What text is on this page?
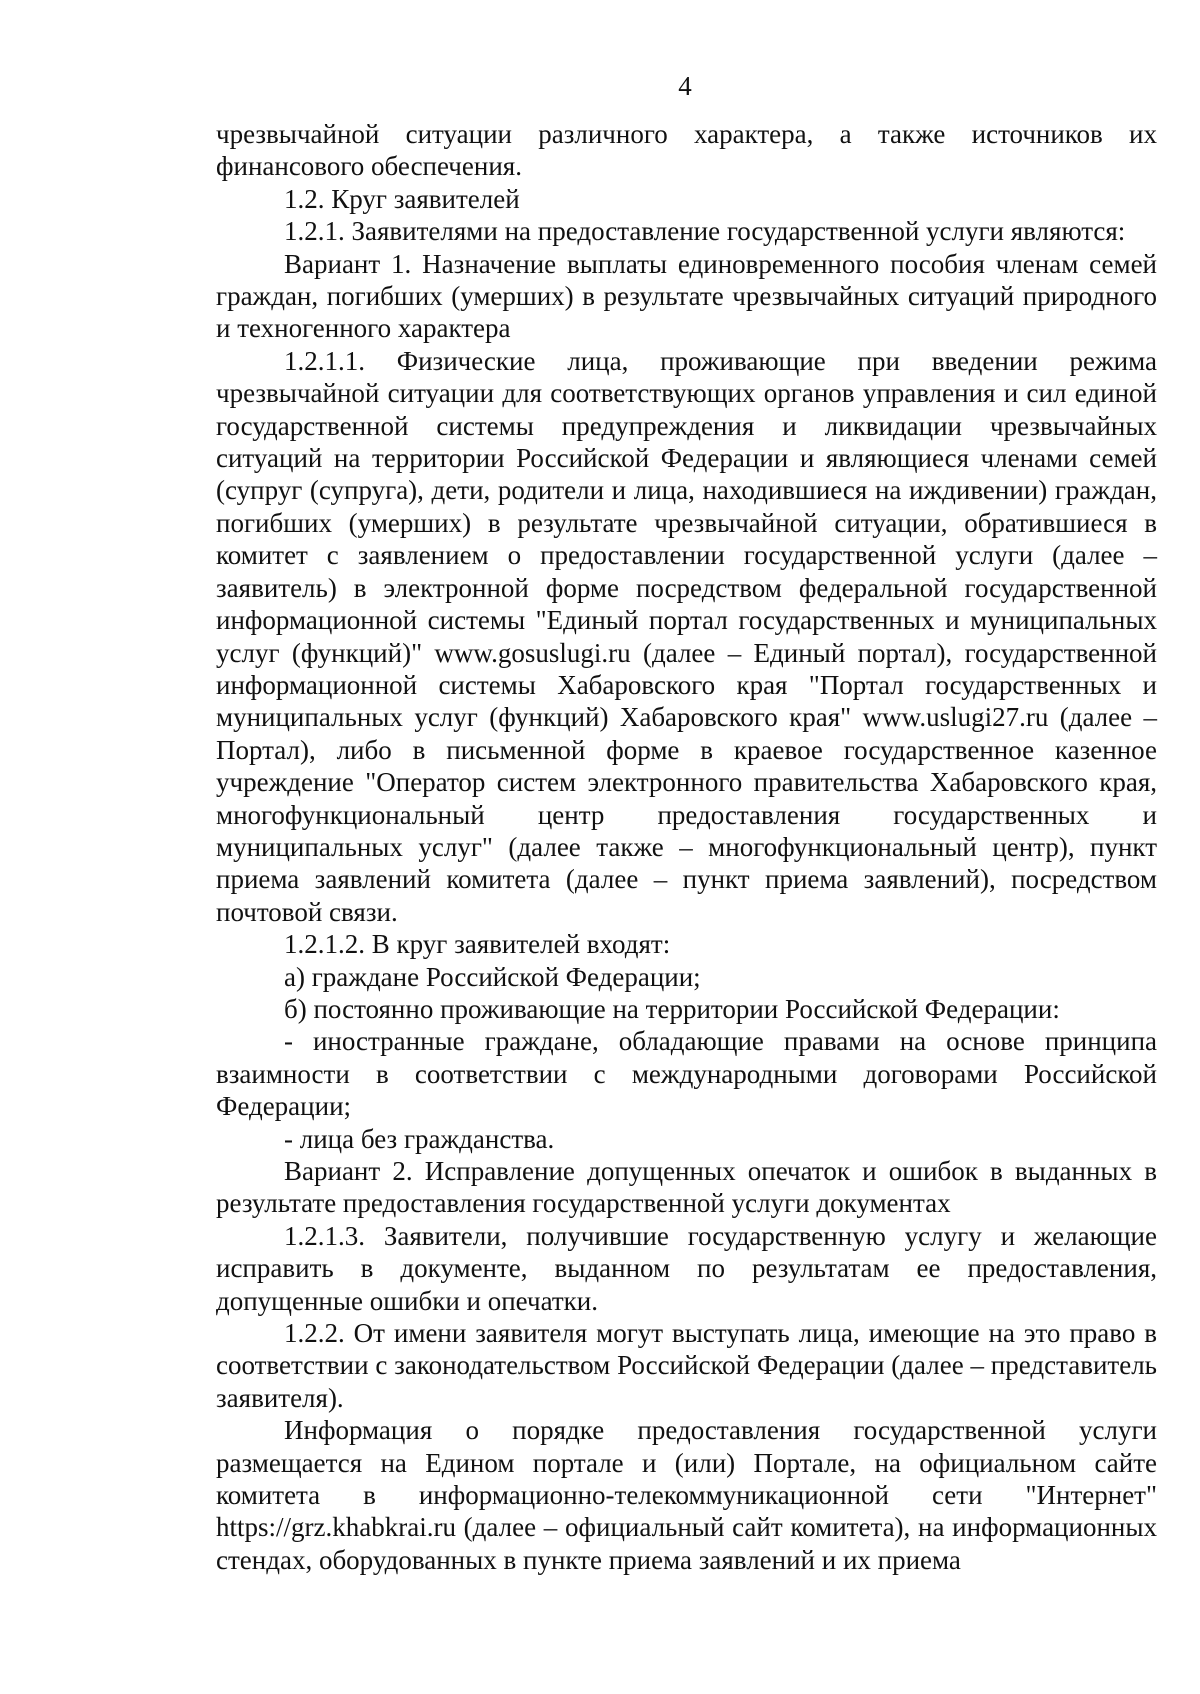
4

чрезвычайной ситуации различного характера, а также источников их финансового обеспечения.

1.2. Круг заявителей

1.2.1. Заявителями на предоставление государственной услуги являются:

Вариант 1. Назначение выплаты единовременного пособия членам семей граждан, погибших (умерших) в результате чрезвычайных ситуаций природного и техногенного характера

1.2.1.1. Физические лица, проживающие при введении режима чрезвычайной ситуации для соответствующих органов управления и сил единой государственной системы предупреждения и ликвидации чрезвычайных ситуаций на территории Российской Федерации и являющиеся членами семей (супруг (супруга), дети, родители и лица, находившиеся на иждивении) граждан, погибших (умерших) в результате чрезвычайной ситуации, обратившиеся в комитет с заявлением о предоставлении государственной услуги (далее – заявитель) в электронной форме посредством федеральной государственной информационной системы "Единый портал государственных и муниципальных услуг (функций)" www.gosuslugi.ru (далее – Единый портал), государственной информационной системы Хабаровского края "Портал государственных и муниципальных услуг (функций) Хабаровского края" www.uslugi27.ru (далее – Портал), либо в письменной форме в краевое государственное казенное учреждение "Оператор систем электронного правительства Хабаровского края, многофункциональный центр предоставления государственных и муниципальных услуг" (далее также – многофункциональный центр), пункт приема заявлений комитета (далее – пункт приема заявлений), посредством почтовой связи.

1.2.1.2. В круг заявителей входят:

а) граждане Российской Федерации;

б) постоянно проживающие на территории Российской Федерации:

- иностранные граждане, обладающие правами на основе принципа взаимности в соответствии с международными договорами Российской Федерации;

- лица без гражданства.

Вариант 2. Исправление допущенных опечаток и ошибок в выданных в результате предоставления государственной услуги документах

1.2.1.3. Заявители, получившие государственную услугу и желающие исправить в документе, выданном по результатам ее предоставления, допущенные ошибки и опечатки.

1.2.2. От имени заявителя могут выступать лица, имеющие на это право в соответствии с законодательством Российской Федерации (далее – представитель заявителя).

Информация о порядке предоставления государственной услуги размещается на Едином портале и (или) Портале, на официальном сайте комитета в информационно-телекоммуникационной сети "Интернет" https://grz.khabkrai.ru (далее – официальный сайт комитета), на информационных стендах, оборудованных в пункте приема заявлений и их приема
